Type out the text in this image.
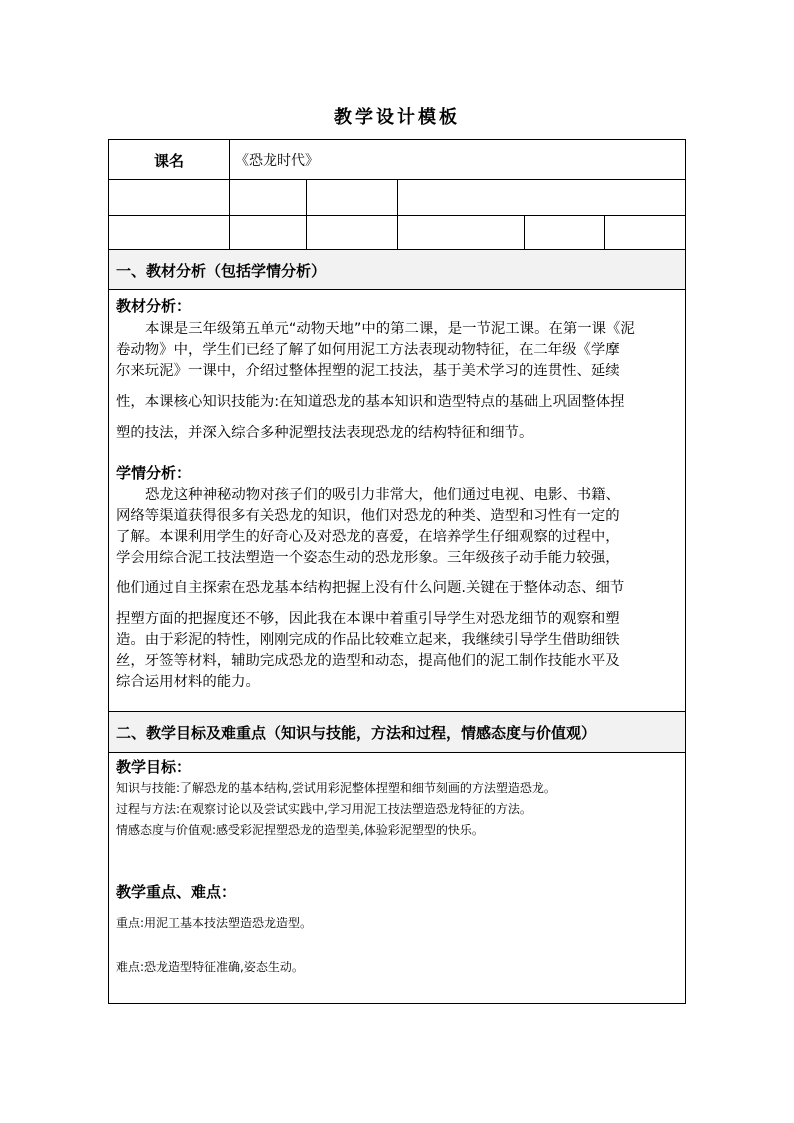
教学设计模板
课名	《恐龙时代》
一、教材分析（包括学情分析）
教材分析：
本课是三年级第五单元“动物天地”中的第二课，是一节泥工课。在第一课《泥
卷动物》中，学生们已经了解了如何用泥工方法表现动物特征，在二年级《学摩
尔来玩泥》一课中，介绍过整体捏塑的泥工技法，基于美术学习的连贯性、延续
性，本课核心知识技能为:在知道恐龙的基本知识和造型特点的基础上巩固整体捏
塑的技法，并深入综合多种泥塑技法表现恐龙的结构特征和细节。
学情分析：
恐龙这种神秘动物对孩子们的吸引力非常大，他们通过电视、电影、书籍、
网络等渠道获得很多有关恐龙的知识，他们对恐龙的种类、造型和习性有一定的
了解。本课利用学生的好奇心及对恐龙的喜爱，在培养学生仔细观察的过程中，
学会用综合泥工技法塑造一个姿态生动的恐龙形象。三年级孩子动手能力较强，
他们通过自主探索在恐龙基本结构把握上没有什么问题.关键在于整体动态、细节
捏塑方面的把握度还不够，因此我在本课中着重引导学生对恐龙细节的观察和塑
造。由于彩泥的特性，刚刚完成的作品比较难立起来，我继续引导学生借助细铁
丝，牙签等材料，辅助完成恐龙的造型和动态，提高他们的泥工制作技能水平及
综合运用材料的能力。
二、教学目标及难重点（知识与技能，方法和过程，情感态度与价值观）
教学目标：
知识与技能:了解恐龙的基本结构,尝试用彩泥整体捏塑和细节刻画的方法塑造恐龙。
过程与方法:在观察讨论以及尝试实践中,学习用泥工技法塑造恐龙特征的方法。
情感态度与价值观:感受彩泥捏塑恐龙的造型美,体验彩泥塑型的快乐。
教学重点、难点：
重点:用泥工基本技法塑造恐龙造型。
难点:恐龙造型特征准确,姿态生动。
